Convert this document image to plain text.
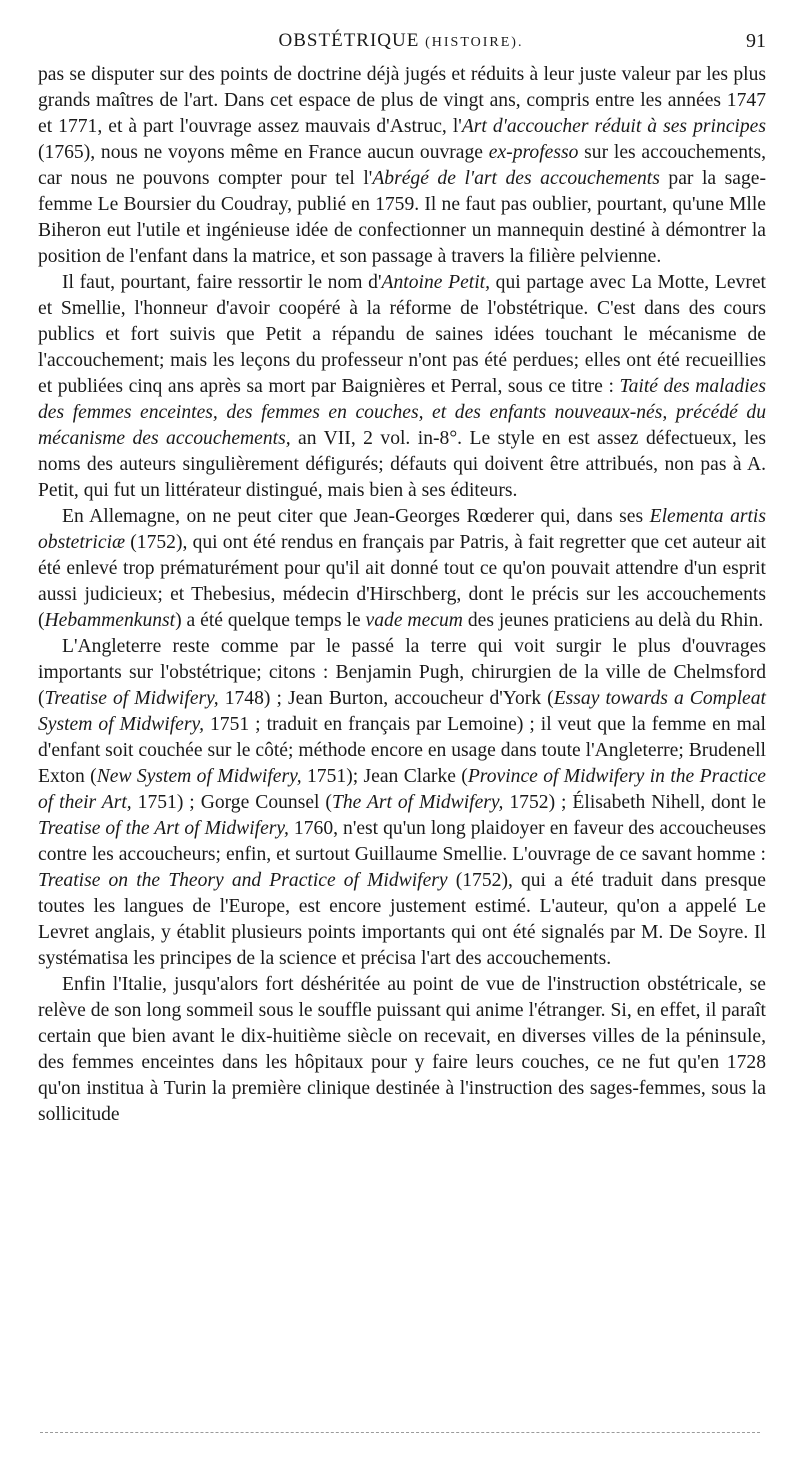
OBSTÉTRIQUE (HISTOIRE).	91

pas se disputer sur des points de doctrine déjà jugés et réduits à leur juste valeur par les plus grands maîtres de l'art. Dans cet espace de plus de vingt ans, compris entre les années 1747 et 1771, et à part l'ouvrage assez mauvais d'Astruc, l'Art d'accoucher réduit à ses principes (1765), nous ne voyons même en France aucun ouvrage ex-professo sur les accouchements, car nous ne pouvons compter pour tel l'Abrégé de l'art des accouchements par la sage-femme Le Boursier du Coudray, publié en 1759. Il ne faut pas oublier, pourtant, qu'une Mlle Biheron eut l'utile et ingénieuse idée de confectionner un mannequin destiné à démontrer la position de l'enfant dans la matrice, et son passage à travers la filière pelvienne.

Il faut, pourtant, faire ressortir le nom d'Antoine Petit, qui partage avec La Motte, Levret et Smellie, l'honneur d'avoir coopéré à la réforme de l'obstétrique. C'est dans des cours publics et fort suivis que Petit a répandu de saines idées touchant le mécanisme de l'accouchement; mais les leçons du professeur n'ont pas été perdues; elles ont été recueillies et publiées cinq ans après sa mort par Baignières et Perral, sous ce titre : Taité des maladies des femmes enceintes, des femmes en couches, et des enfants nouveaux-nés, précédé du mécanisme des accouchements, an VII, 2 vol. in-8°. Le style en est assez défectueux, les noms des auteurs singulièrement défigurés; défauts qui doivent être attribués, non pas à A. Petit, qui fut un littérateur distingué, mais bien à ses éditeurs.

En Allemagne, on ne peut citer que Jean-Georges Rœderer qui, dans ses Elementa artis obstetriciæ (1752), qui ont été rendus en français par Patris, à fait regretter que cet auteur ait été enlevé trop prématurément pour qu'il ait donné tout ce qu'on pouvait attendre d'un esprit aussi judicieux; et Thebesius, médecin d'Hirschberg, dont le précis sur les accouchements (Hebammenkunst) a été quelque temps le vade mecum des jeunes praticiens au delà du Rhin.

L'Angleterre reste comme par le passé la terre qui voit surgir le plus d'ouvrages importants sur l'obstétrique; citons : Benjamin Pugh, chirurgien de la ville de Chelmsford (Treatise of Midwifery, 1748) ; Jean Burton, accoucheur d'York (Essay towards a Compleat System of Midwifery, 1751 ; traduit en français par Lemoine) ; il veut que la femme en mal d'enfant soit couchée sur le côté; méthode encore en usage dans toute l'Angleterre; Brudenell Exton (New System of Midwifery, 1751); Jean Clarke (Province of Midwifery in the Practice of their Art, 1751) ; Gorge Counsel (The Art of Midwifery, 1752) ; Élisabeth Nihell, dont le Treatise of the Art of Midwifery, 1760, n'est qu'un long plaidoyer en faveur des accoucheuses contre les accoucheurs; enfin, et surtout Guillaume Smellie. L'ouvrage de ce savant homme : Treatise on the Theory and Practice of Midwifery (1752), qui a été traduit dans presque toutes les langues de l'Europe, est encore justement estimé. L'auteur, qu'on a appelé Le Levret anglais, y établit plusieurs points importants qui ont été signalés par M. De Soyre. Il systématisa les principes de la science et précisa l'art des accouchements.

Enfin l'Italie, jusqu'alors fort déshéritée au point de vue de l'instruction obstétricale, se relève de son long sommeil sous le souffle puissant qui anime l'étranger. Si, en effet, il paraît certain que bien avant le dix-huitième siècle on recevait, en diverses villes de la péninsule, des femmes enceintes dans les hôpitaux pour y faire leurs couches, ce ne fut qu'en 1728 qu'on institua à Turin la première clinique destinée à l'instruction des sages-femmes, sous la sollicitude
